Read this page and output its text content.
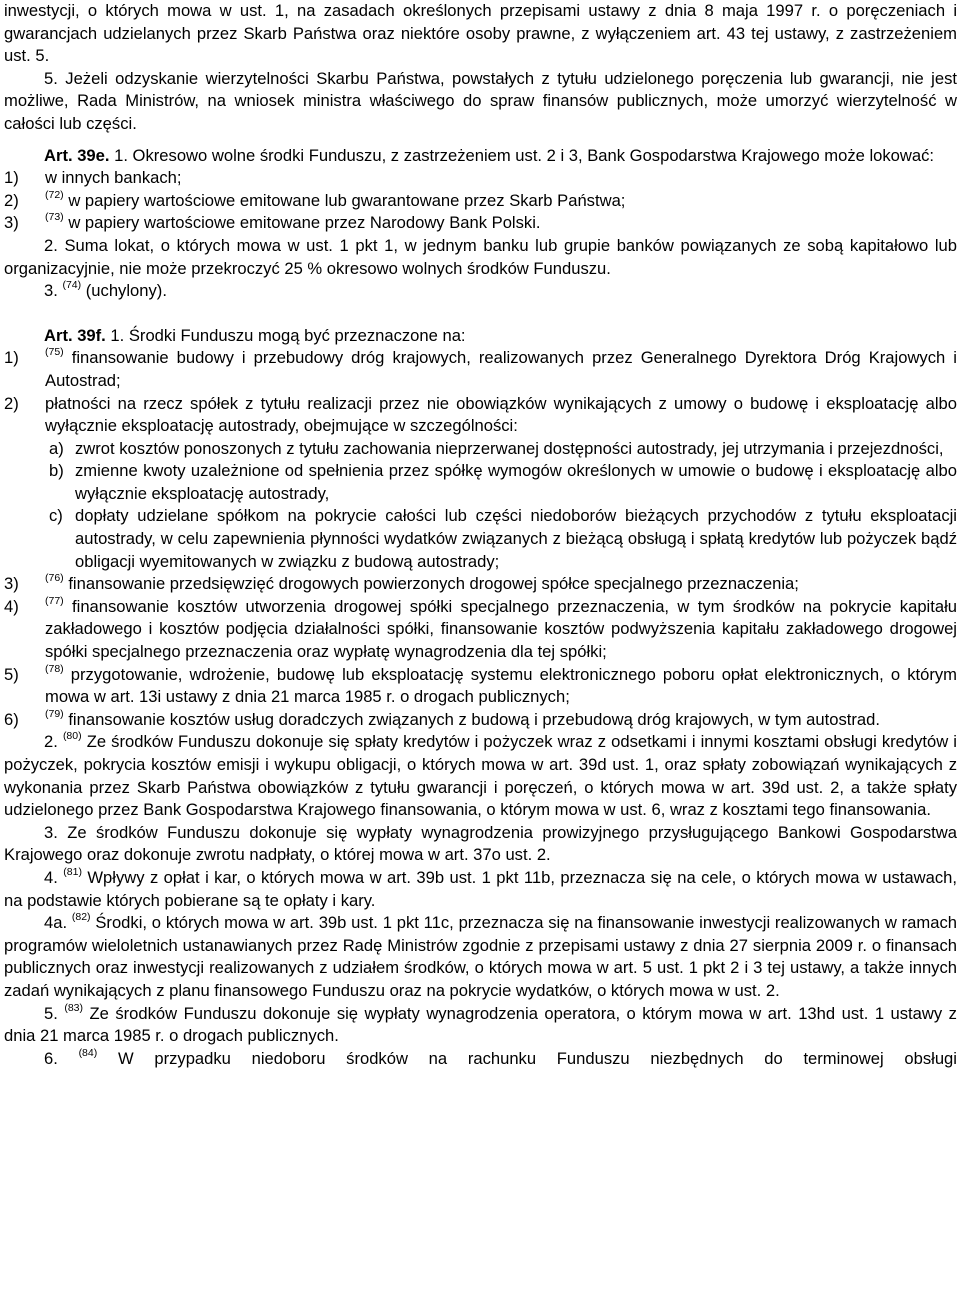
inwestycji, o których mowa w ust. 1, na zasadach określonych przepisami ustawy z dnia 8 maja 1997 r. o poręczeniach i gwarancjach udzielanych przez Skarb Państwa oraz niektóre osoby prawne, z wyłączeniem art. 43 tej ustawy, z zastrzeżeniem ust. 5.

5. Jeżeli odzyskanie wierzytelności Skarbu Państwa, powstałych z tytułu udzielonego poręczenia lub gwarancji, nie jest możliwe, Rada Ministrów, na wniosek ministra właściwego do spraw finansów publicznych, może umorzyć wierzytelność w całości lub części.

Art. 39e. 1. Okresowo wolne środki Funduszu, z zastrzeżeniem ust. 2 i 3, Bank Gospodarstwa Krajowego może lokować:

1) w innych bankach;

2) $^{(72)}$ w papiery wartościowe emitowane lub gwarantowane przez Skarb Państwa;

3) $^{(73)}$ w papiery wartościowe emitowane przez Narodowy Bank Polski.

2. Suma lokat, o których mowa w ust. 1 pkt 1, w jednym banku lub grupie banków powiązanych ze sobą kapitałowo lub organizacyjnie, nie może przekroczyć 25 % okresowo wolnych środków Funduszu.

3. $^{(74)}$ (uchylony).

Art. 39f. 1. Środki Funduszu mogą być przeznaczone na:

1) $^{(75)}$ finansowanie budowy i przebudowy dróg krajowych, realizowanych przez Generalnego Dyrektora Dróg Krajowych i Autostrad;

2) płatności na rzecz spółek z tytułu realizacji przez nie obowiązków wynikających z umowy o budowę i eksploatację albo wyłącznie eksploatację autostrady, obejmujące w szczególności:

a) zwrot kosztów ponoszonych z tytułu zachowania nieprzerwanej dostępności autostrady, jej utrzymania i przejezdności,

b) zmienne kwoty uzależnione od spełnienia przez spółkę wymogów określonych w umowie o budowę i eksploatację albo wyłącznie eksploatację autostrady,

c) dopłaty udzielane spółkom na pokrycie całości lub części niedoborów bieżących przychodów z tytułu eksploatacji autostrady, w celu zapewnienia płynności wydatków związanych z bieżącą obsługą i spłatą kredytów lub pożyczek bądź obligacji wyemitowanych w związku z budową autostrady;

3) $^{(76)}$ finansowanie przedsięwzięć drogowych powierzonych drogowej spółce specjalnego przeznaczenia;

4) $^{(77)}$ finansowanie kosztów utworzenia drogowej spółki specjalnego przeznaczenia, w tym środków na pokrycie kapitału zakładowego i kosztów podjęcia działalności spółki, finansowanie kosztów podwyższenia kapitału zakładowego drogowej spółki specjalnego przeznaczenia oraz wypłatę wynagrodzenia dla tej spółki;

5) $^{(78)}$ przygotowanie, wdrożenie, budowę lub eksploatację systemu elektronicznego poboru opłat elektronicznych, o którym mowa w art. 13i ustawy z dnia 21 marca 1985 r. o drogach publicznych;

6) $^{(79)}$ finansowanie kosztów usług doradczych związanych z budową i przebudową dróg krajowych, w tym autostrad.

2. $^{(80)}$ Ze środków Funduszu dokonuje się spłaty kredytów i pożyczek wraz z odsetkami i innymi kosztami obsługi kredytów i pożyczek, pokrycia kosztów emisji i wykupu obligacji, o których mowa w art. 39d ust. 1, oraz spłaty zobowiązań wynikających z wykonania przez Skarb Państwa obowiązków z tytułu gwarancji i poręczeń, o których mowa w art. 39d ust. 2, a także spłaty udzielonego przez Bank Gospodarstwa Krajowego finansowania, o którym mowa w ust. 6, wraz z kosztami tego finansowania.

3. Ze środków Funduszu dokonuje się wypłaty wynagrodzenia prowizyjnego przysługującego Bankowi Gospodarstwa Krajowego oraz dokonuje zwrotu nadpłaty, o której mowa w art. 37o ust. 2.

4. $^{(81)}$ Wpływy z opłat i kar, o których mowa w art. 39b ust. 1 pkt 11b, przeznacza się na cele, o których mowa w ustawach, na podstawie których pobierane są te opłaty i kary.

4a. $^{(82)}$ Środki, o których mowa w art. 39b ust. 1 pkt 11c, przeznacza się na finansowanie inwestycji realizowanych w ramach programów wieloletnich ustanawianych przez Radę Ministrów zgodnie z przepisami ustawy z dnia 27 sierpnia 2009 r. o finansach publicznych oraz inwestycji realizowanych z udziałem środków, o których mowa w art. 5 ust. 1 pkt 2 i 3 tej ustawy, a także innych zadań wynikających z planu finansowego Funduszu oraz na pokrycie wydatków, o których mowa w ust. 2.

5. $^{(83)}$ Ze środków Funduszu dokonuje się wypłaty wynagrodzenia operatora, o którym mowa w art. 13hd ust. 1 ustawy z dnia 21 marca 1985 r. o drogach publicznych.

6. $^{(84)}$ W przypadku niedoboru środków na rachunku Funduszu niezbędnych do terminowej obsługi
